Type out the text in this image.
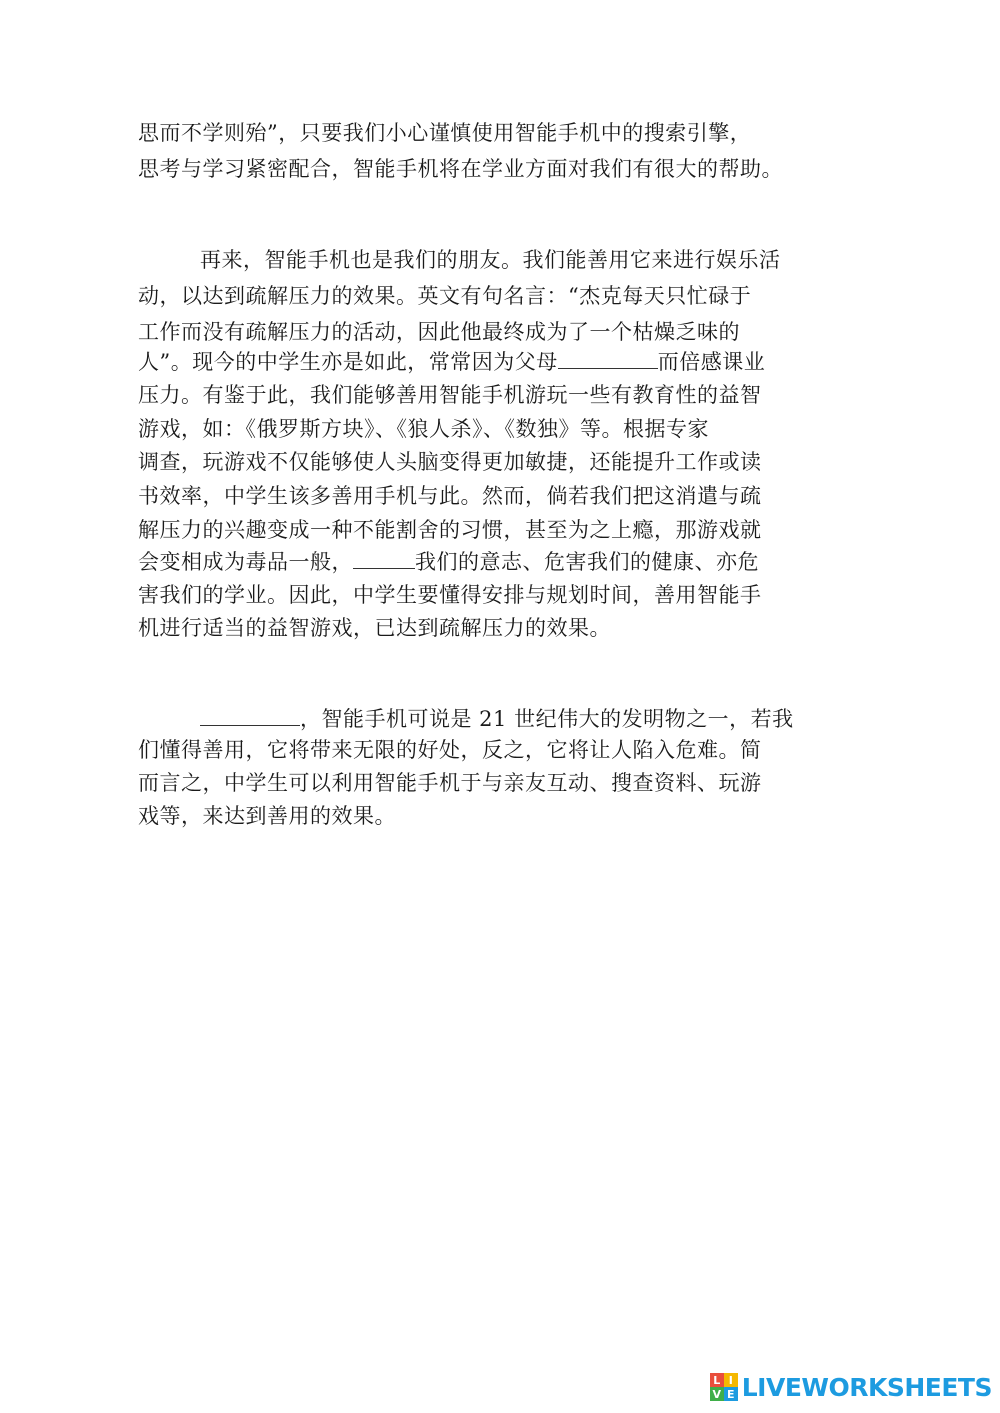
思而不学则殆”，只要我们小心谨慎使用智能手机中的搜索引擎，
思考与学习紧密配合，智能手机将在学业方面对我们有很大的帮助。
再来，智能手机也是我们的朋友。我们能善用它来进行娱乐活
动，以达到疏解压力的效果。英文有句名言：“杰克每天只忙碌于
工作而没有疏解压力的活动，因此他最终成为了一个枯燥乏味的
人”。现今的中学生亦是如此，常常因为父母	而倍感课业
压力。有鉴于此，我们能够善用智能手机游玩一些有教育性的益智
游戏，如：《俄罗斯方块》、《狼人杀》、《数独》等。根据专家
调查，玩游戏不仅能够使人头脑变得更加敏捷，还能提升工作或读
书效率，中学生该多善用手机与此。然而，倘若我们把这消遣与疏
解压力的兴趣变成一种不能割舍的习惯，甚至为之上瘾，那游戏就
会变相成为毒品一般，	我们的意志、危害我们的健康、亦危
害我们的学业。因此，中学生要懂得安排与规划时间，善用智能手
机进行适当的益智游戏，已达到疏解压力的效果。
，智能手机可说是 21 世纪伟大的发明物之一，若我
们懂得善用，它将带来无限的好处，反之，它将让人陷入危难。简
而言之，中学生可以利用智能手机于与亲友互动、搜查资料、玩游
戏等，来达到善用的效果。
L I
V E LIVEWORKSHEETS
